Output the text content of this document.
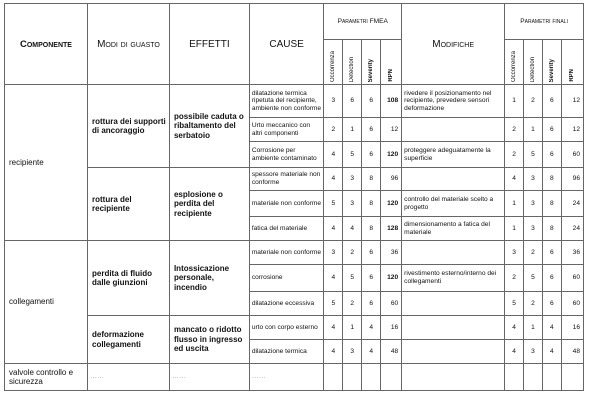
Componente	Modi di guasto	EFFETTI	CAUSE	Parametri FMEA				Modifiche	Parametri finali			
				Occorrenza	Detection	Severity	RPN		Occorrenza	Detection	Severity	RPN
recipiente	rottura dei supporti di ancoraggio	possibile caduta o ribaltamento del serbatoio	dilatazione termica ripetuta del recipiente, ambiente non conforme	3	6	6	108	rivedere il posizionamento nel recipiente, prevedere sensori deformazione	1	2	6	12
			Urto meccanico con altri componenti	2	1	6	12		2	1	6	12
			Corrosione per ambiente contaminato	4	5	6	120	proteggere adeguatamente la superficie	2	5	6	60
	rottura del recipiente	esplosione o perdita del recipiente	spessore materiale non conforme	4	3	8	96		4	3	8	96
			materiale non conforme	5	3	8	120	controllo del materiale scelto a progetto	1	3	8	24
			fatica del materiale	4	4	8	128	dimensionamento a fatica del materiale	1	3	8	24
collegamenti	perdita di fluido dalle giunzioni	Intossicazione personale, incendio	materiale non conforme	3	2	6	36		3	2	6	36
			corrosione	4	5	6	120	rivestimento esterno/interno dei collegamenti	2	5	6	60
			dilatazione eccessiva	5	2	6	60		5	2	6	60
	deformazione collegamenti	mancato o ridotto flusso in ingresso ed uscita	urto con corpo esterno	4	1	4	16		4	1	4	16
			dilatazione termica	4	3	4	48		4	3	4	48
valvole controllo e sicurezza	……	……	……									
